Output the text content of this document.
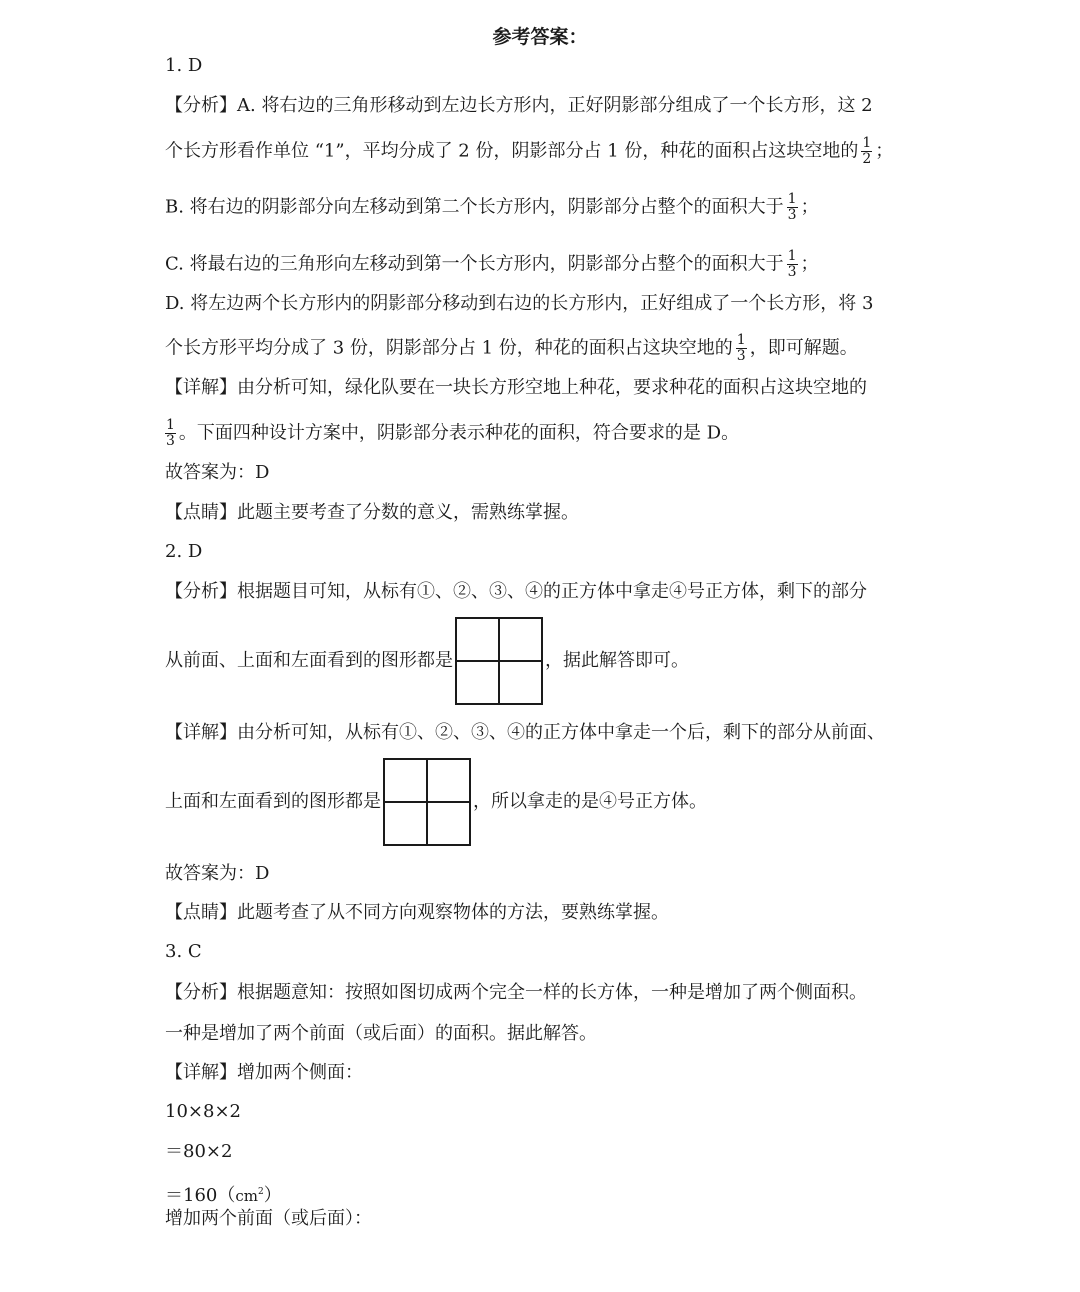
参考答案：
1. D
【分析】A. 将右边的三角形移动到左边长方形内，正好阴影部分组成了一个长方形，这 2
个长方形看作单位 “1”，平均分成了 2 份，阴影部分占 1 份，种花的面积占这块空地的 $\frac{1}{2}$ ；
B. 将右边的阴影部分向左移动到第二个长方形内，阴影部分占整个的面积大于 $\frac{1}{3}$ ；
C. 将最右边的三角形向左移动到第一个长方形内，阴影部分占整个的面积大于 $\frac{1}{3}$ ；
D. 将左边两个长方形内的阴影部分移动到右边的长方形内，正好组成了一个长方形，将 3
个长方形平均分成了 3 份，阴影部分占 1 份，种花的面积占这块空地的 $\frac{1}{3}$ ，即可解题。
【详解】由分析可知，绿化队要在一块长方形空地上种花，要求种花的面积占这块空地的
$\frac{1}{3}$ 。下面四种设计方案中，阴影部分表示种花的面积，符合要求的是 D。
故答案为：D
【点睛】此题主要考查了分数的意义，需熟练掌握。
2. D
【分析】根据题目可知，从标有①、②、③、④的正方体中拿走④号正方体，剩下的部分
从前面、上面和左面看到的图形都是	，据此解答即可。
【详解】由分析可知，从标有①、②、③、④的正方体中拿走一个后，剩下的部分从前面、
上面和左面看到的图形都是	，所以拿走的是④号正方体。
故答案为：D
【点睛】此题考查了从不同方向观察物体的方法，要熟练掌握。
3. C
【分析】根据题意知：按照如图切成两个完全一样的长方体，一种是增加了两个侧面积。
一种是增加了两个前面（或后面）的面积。据此解答。
【详解】增加两个侧面：
10×8×2
＝80×2
$=160(cm^2)$
增加两个前面（或后面）：
